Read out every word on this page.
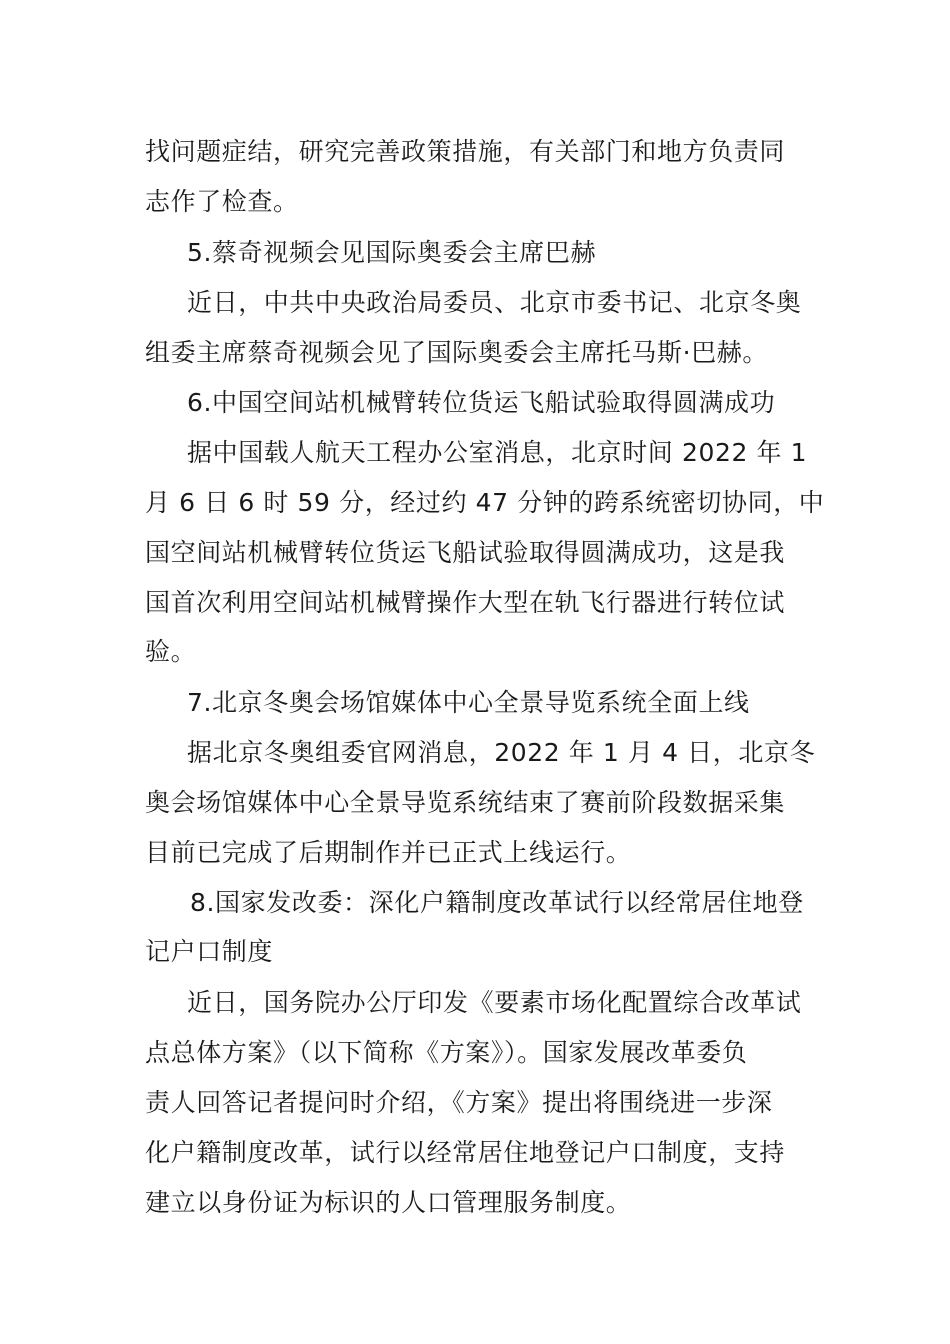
找问题症结，研究完善政策措施，有关部门和地方负责同
志作了检查。
5.蔡奇视频会见国际奥委会主席巴赫
近日，中共中央政治局委员、北京市委书记、北京冬奥
组委主席蔡奇视频会见了国际奥委会主席托马斯·巴赫。
6.中国空间站机械臂转位货运飞船试验取得圆满成功
据中国载人航天工程办公室消息，北京时间 2022 年 1
月 6 日 6 时 59 分，经过约 47 分钟的跨系统密切协同，中
国空间站机械臂转位货运飞船试验取得圆满成功，这是我
国首次利用空间站机械臂操作大型在轨飞行器进行转位试
验。
7.北京冬奥会场馆媒体中心全景导览系统全面上线
据北京冬奥组委官网消息，2022 年 1 月 4 日，北京冬
奥会场馆媒体中心全景导览系统结束了赛前阶段数据采集
目前已完成了后期制作并已正式上线运行。
8.国家发改委：深化户籍制度改革试行以经常居住地登
记户口制度
近日，国务院办公厅印发《要素市场化配置综合改革试
点总体方案》（以下简称《方案》）。国家发展改革委负
责人回答记者提问时介绍，《方案》提出将围绕进一步深
化户籍制度改革，试行以经常居住地登记户口制度，支持
建立以身份证为标识的人口管理服务制度。
